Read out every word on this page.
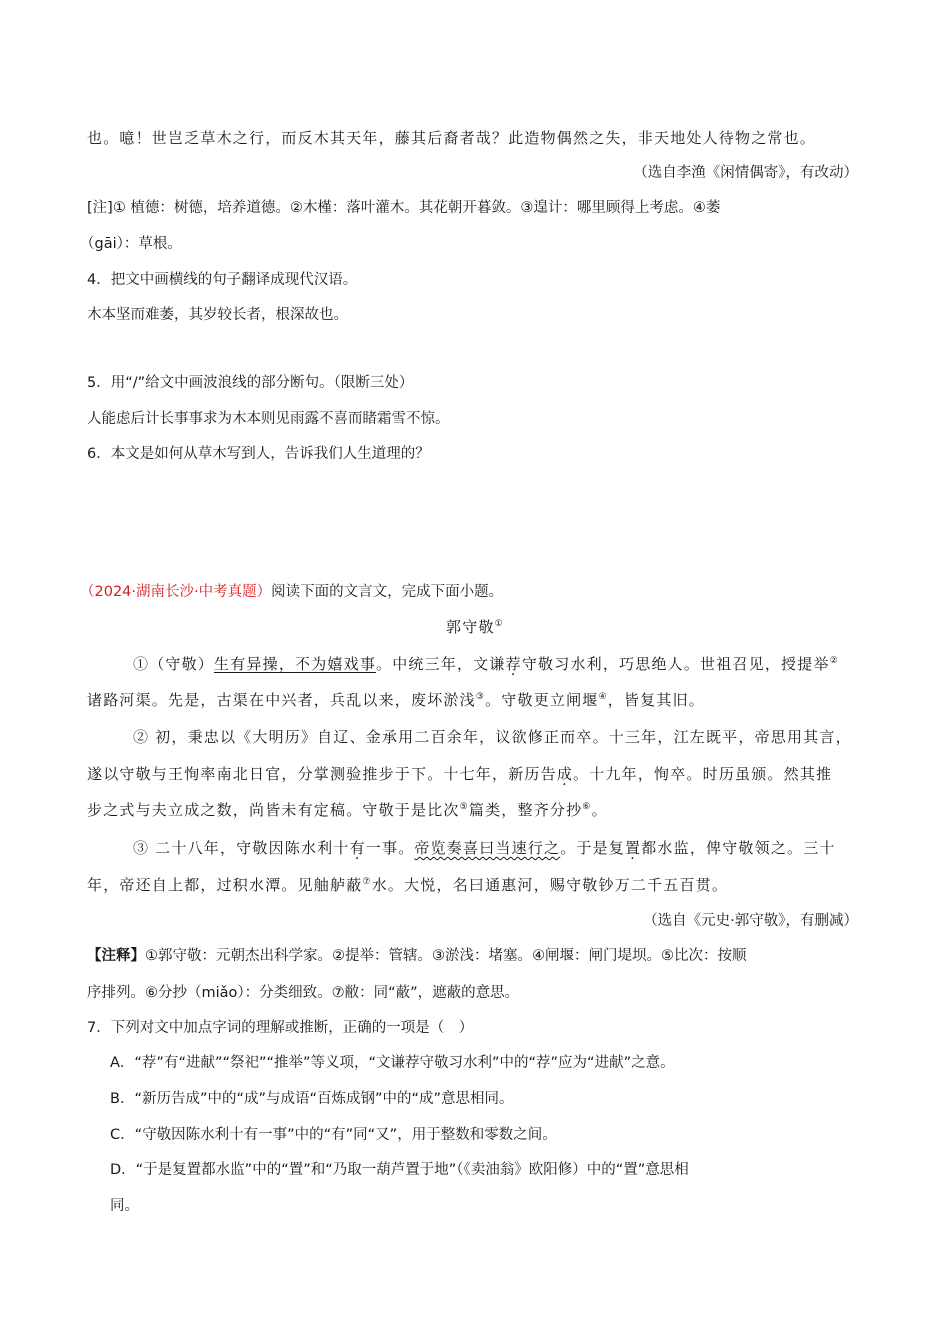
也。噫！世岂乏草木之行，而反木其天年，藤其后裔者哉？此造物偶然之失，非天地处人待物之常也。
（选自李渔《闲情偶寄》，有改动）
[注]① 植德：树德，培养道德。②木槿：落叶灌木。其花朝开暮敛。③遑计：哪里顾得上考虑。④萎
（gāi）：草根。
4．把文中画横线的句子翻译成现代汉语。
木本坚而难萎，其岁较长者，根深故也。
5．用“/”给文中画波浪线的部分断句。（限断三处）
人能虑后计长事事求为木本则见雨露不喜而睹霜雪不惊。
6．本文是如何从草木写到人，告诉我们人生道理的？
（2024·湖南长沙·中考真题）阅读下面的文言文，完成下面小题。
郭守敬①
①（守敬）生有异操，不为嬉戏事。中统三年，文谦荐守敬习水利，巧思绝人。世祖召见，授提举②
诸路河渠。先是，古渠在中兴者，兵乱以来，废坏淤浅③。守敬更立闸堰④，皆复其旧。
② 初，秉忠以《大明历》自辽、金承用二百余年，议欲修正而卒。十三年，江左既平，帝思用其言，
遂以守敬与王恂率南北日官，分掌测验推步于下。十七年，新历告成。十九年，恂卒。时历虽颁。然其推
步之式与夫立成之数，尚皆未有定稿。守敬于是比次⑤篇类，整齐分抄⑥。
③ 二十八年，守敬因陈水利十有一事。帝览奏喜曰当速行之。于是复置都水监，俾守敬领之。三十
年，帝还自上都，过积水潭。见舳舻蔽⑦水。大悦，名曰通惠河，赐守敬钞万二千五百贯。
（选自《元史·郭守敬》，有删减）
【注释】①郭守敬：元朝杰出科学家。②提举：管辖。③淤浅：堵塞。④闸堰：闸门堤坝。⑤比次：按顺
序排列。⑥分抄（miǎo）：分类细致。⑦敝：同“蔽”，遮蔽的意思。
7．下列对文中加点字词的理解或推断，正确的一项是（　）
A．“荐”有“进献”“祭祀”“推举”等义项，“文谦荐守敬习水利”中的“荐”应为“进献”之意。
B．“新历告成”中的“成”与成语“百炼成钢”中的“成”意思相同。
C．“守敬因陈水利十有一事”中的“有”同“又”，用于整数和零数之间。
D．“于是复置都水监”中的“置”和“乃取一葫芦置于地”（《卖油翁》欧阳修）中的“置”意思相
同。
